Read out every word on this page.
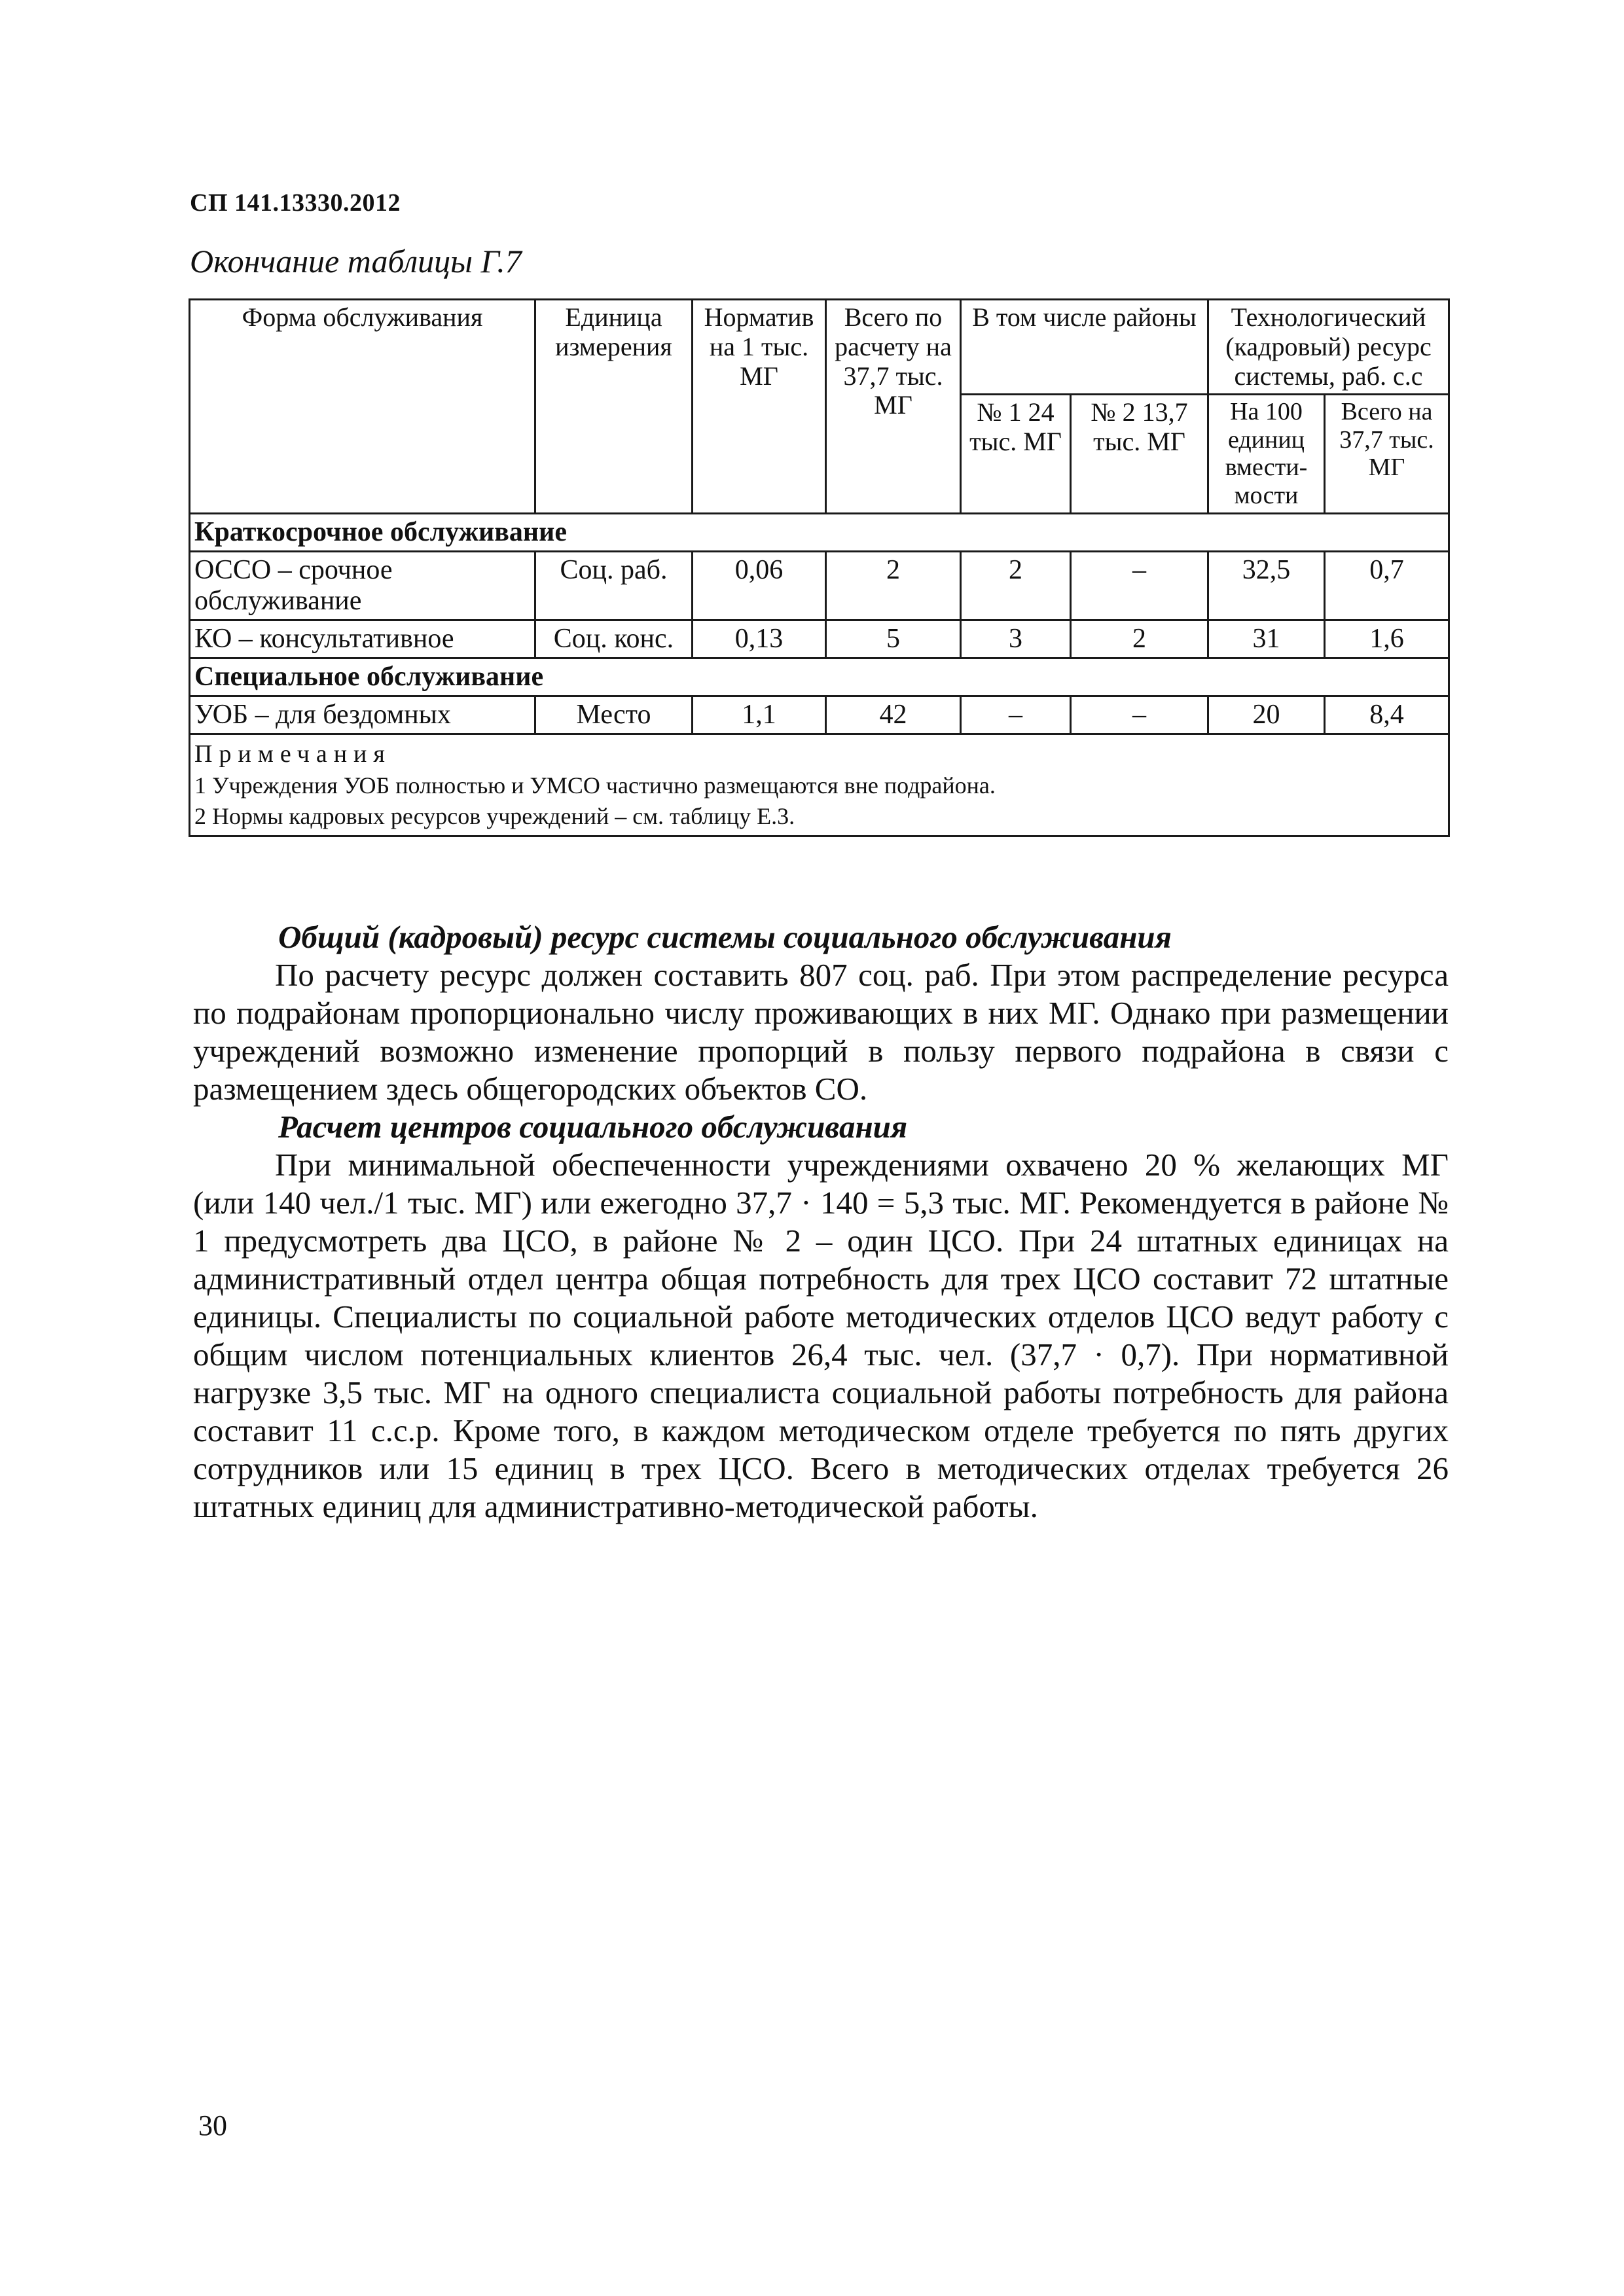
СП 141.13330.2012
Окончание таблицы Г.7
Форма обслуживания	Единица измерения	Норматив на 1 тыс. МГ	Всего по расчету на 37,7 тыс. МГ	В том числе районы		Технологический (кадровый) ресурс системы, раб. с.с	
				№ 1 24 тыс. МГ	№ 2 13,7 тыс. МГ	На 100 единиц вмести-мости	Всего на 37,7 тыс. МГ
Краткосрочное обслуживание							
ОССО – срочное обслуживание	Соц. раб.	0,06	2	2	–	32,5	0,7
КО – консультативное	Соц. конс.	0,13	5	3	2	31	1,6
Специальное обслуживание							
УОБ – для бездомных	Место	1,1	42	–	–	20	8,4

Примечания
1 Учреждения УОБ полностью и УМСО частично размещаются вне подрайона.
2 Нормы кадровых ресурсов учреждений – см. таблицу Е.3.							
Общий (кадровый) ресурс системы социального обслуживания
По расчету ресурс должен составить 807 соц. раб. При этом распределение ресурса по подрайонам пропорционально числу проживающих в них МГ. Однако при размещении учреждений возможно изменение пропорций в пользу первого подрайона в связи с размещением здесь общегородских объектов СО.
Расчет центров социального обслуживания
При минимальной обеспеченности учреждениями охвачено 20 % желающих МГ (или 140 чел./1 тыс. МГ) или ежегодно 37,7 · 140 = 5,3 тыс. МГ. Рекомендуется в районе № 1 предусмотреть два ЦСО, в районе № 2 – один ЦСО. При 24 штатных единицах на административный отдел центра общая потребность для трех ЦСО составит 72 штатные единицы. Специалисты по социальной работе методических отделов ЦСО ведут работу с общим числом потенциальных клиентов 26,4 тыс. чел. (37,7 · 0,7). При нормативной нагрузке 3,5 тыс. МГ на одного специалиста социальной работы потребность для района составит 11 с.с.р. Кроме того, в каждом методическом отделе требуется по пять других сотрудников или 15 единиц в трех ЦСО. Всего в методических отделах требуется 26 штатных единиц для административно-методической работы.
30
